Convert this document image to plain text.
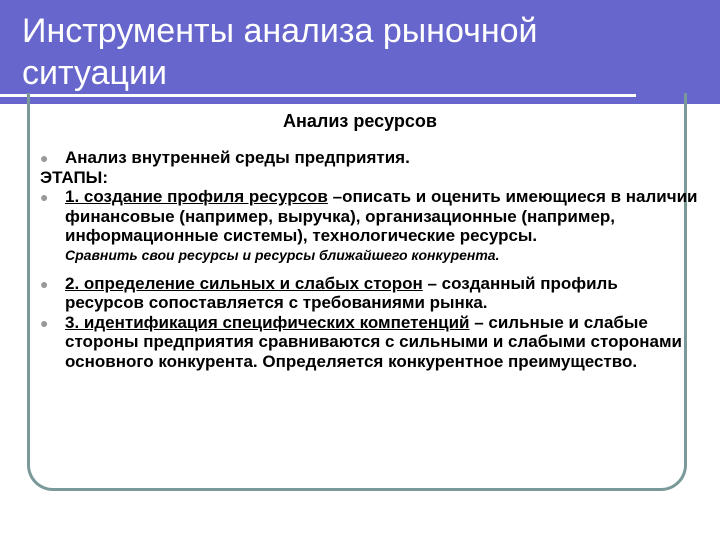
Инструменты анализа рыночной ситуации
Анализ ресурсов
● Анализ внутренней среды предприятия.
ЭТАПЫ:
● 1. создание профиля ресурсов –описать и оценить имеющиеся в наличии финансовые (например, выручка), организационные (например, информационные системы), технологические ресурсы.
Сравнить свои ресурсы и ресурсы ближайшего конкурента.
● 2. определение сильных и слабых сторон – созданный профиль ресурсов сопоставляется с требованиями рынка.
● 3. идентификация специфических компетенций – сильные и слабые стороны предприятия сравниваются с сильными и слабыми сторонами основного конкурента. Определяется конкурентное преимущество.
